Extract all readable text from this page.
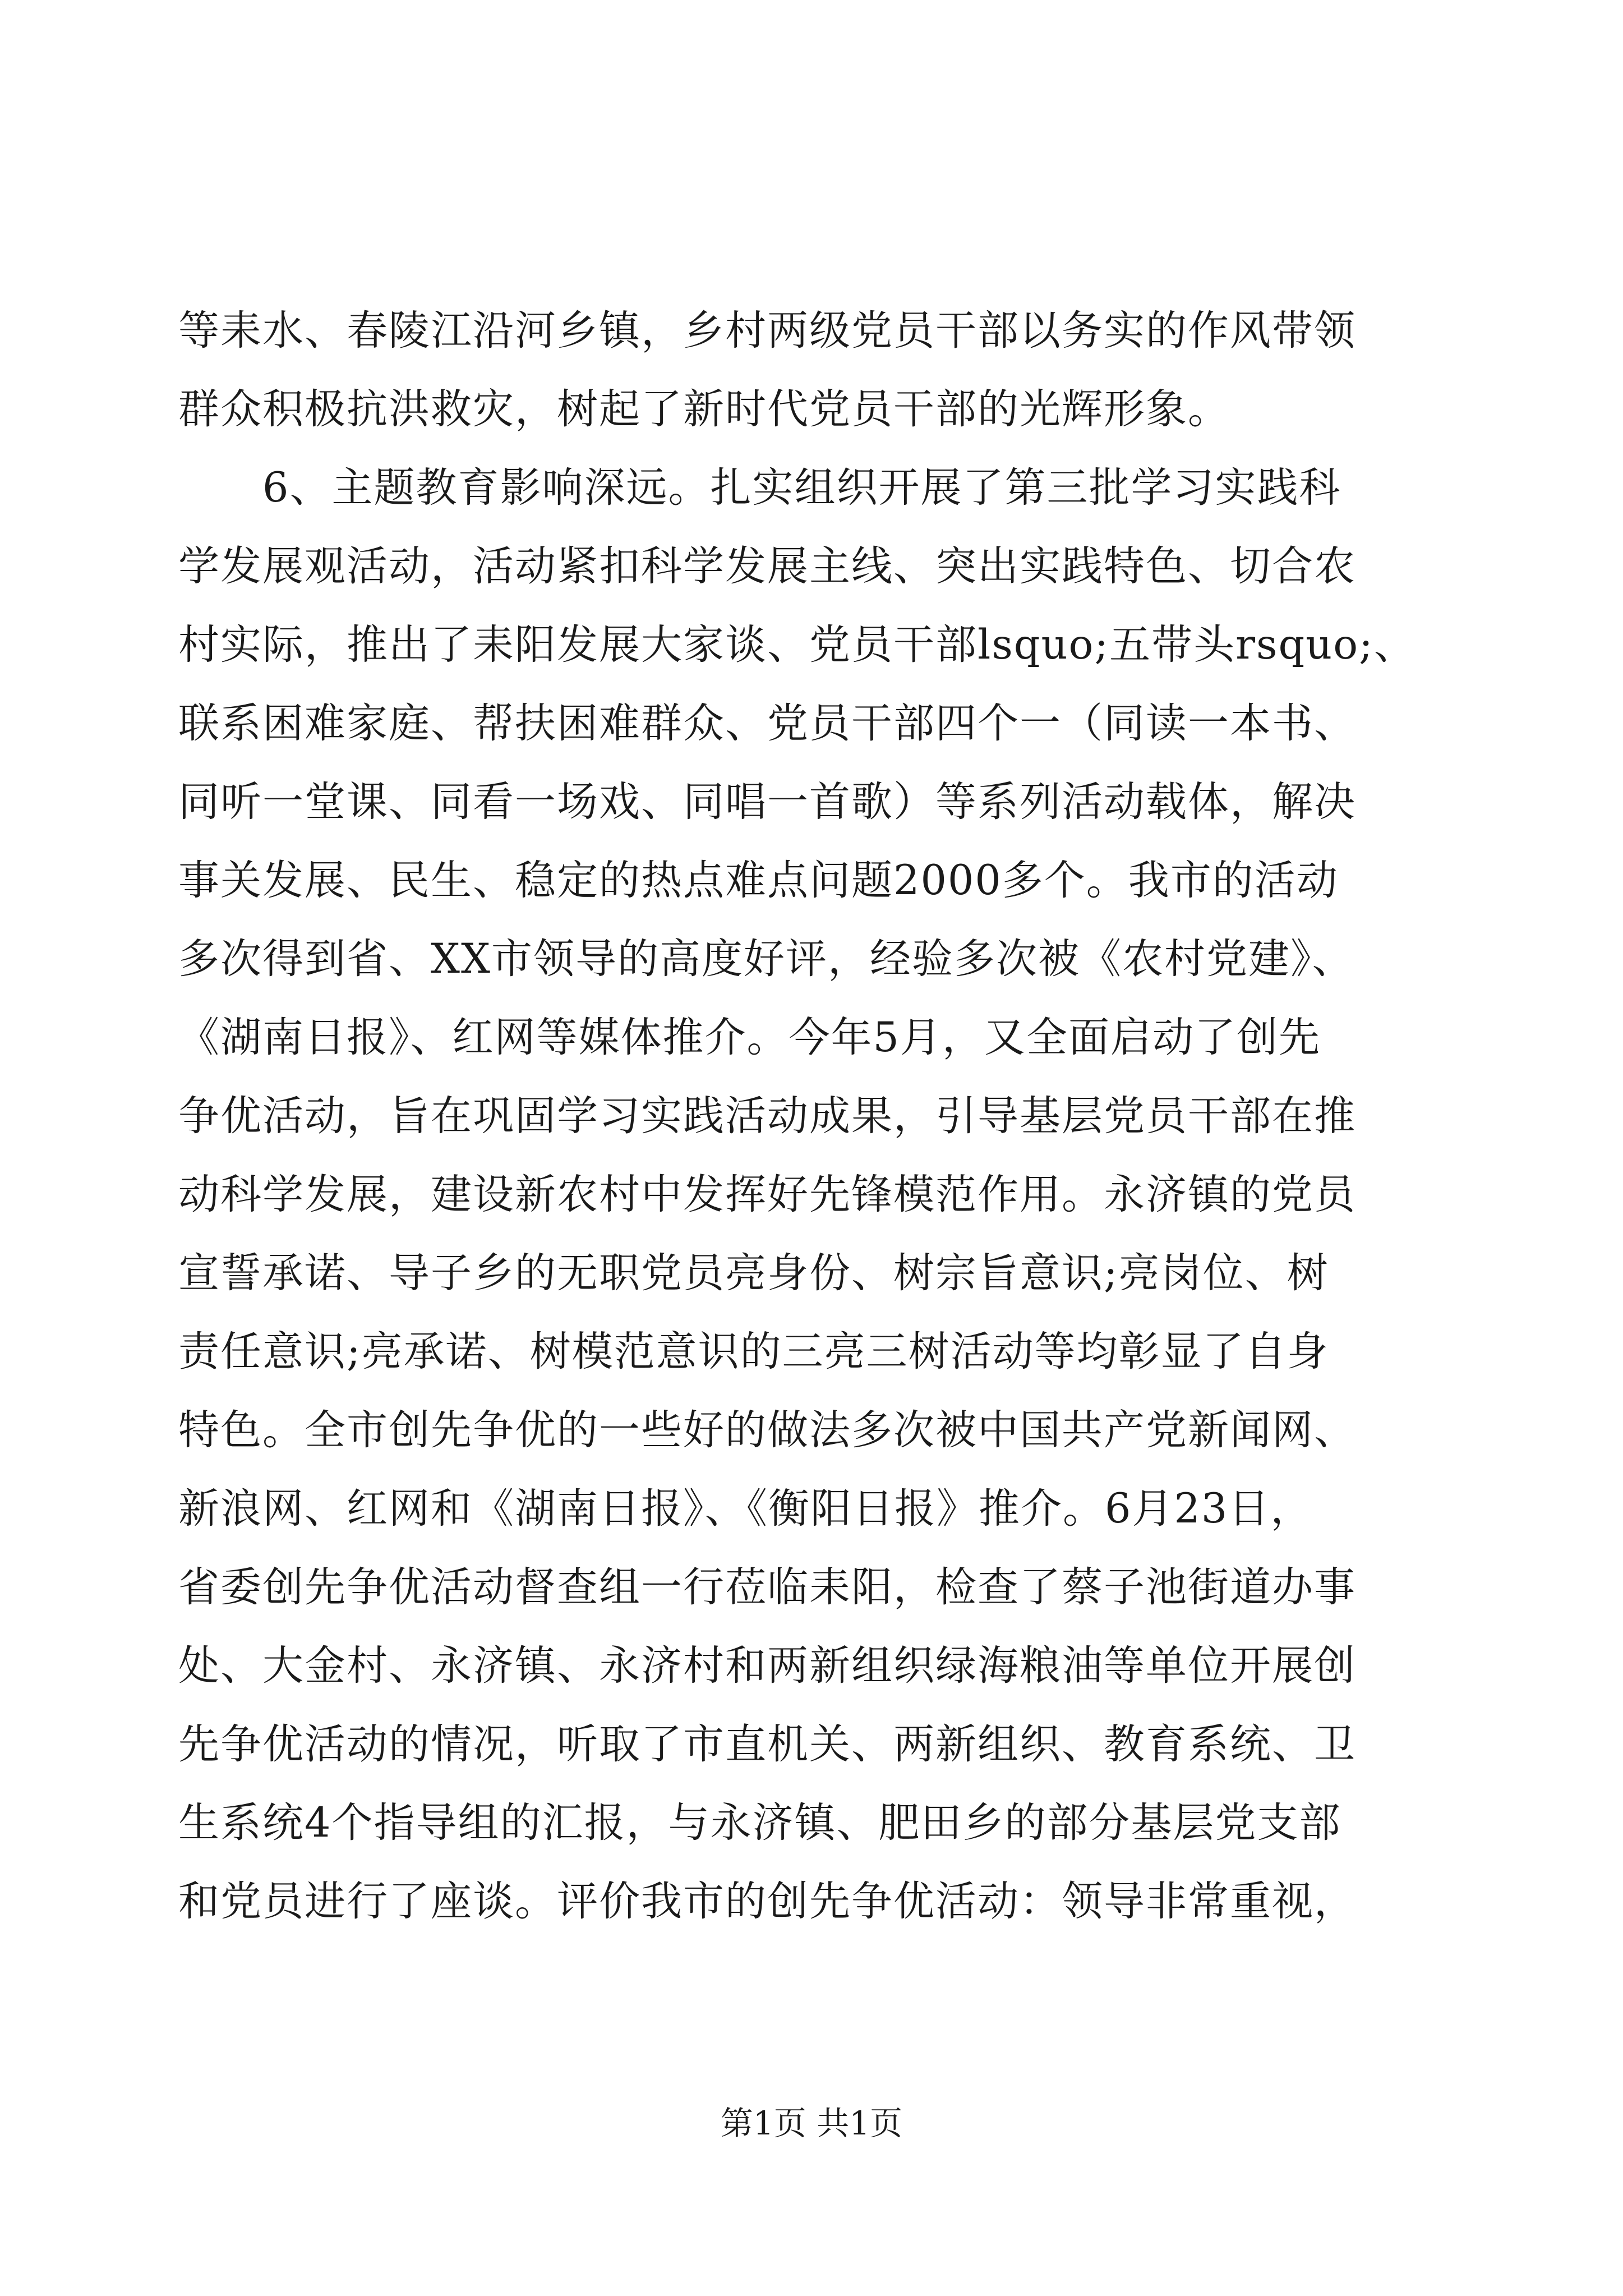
等耒水、春陵江沿河乡镇，乡村两级党员干部以务实的作风带领
群众积极抗洪救灾，树起了新时代党员干部的光辉形象。
6、主题教育影响深远。扎实组织开展了第三批学习实践科
学发展观活动，活动紧扣科学发展主线、突出实践特色、切合农
村实际，推出了耒阳发展大家谈、党员干部lsquo;五带头rsquo;、
联系困难家庭、帮扶困难群众、党员干部四个一（同读一本书、
同听一堂课、同看一场戏、同唱一首歌）等系列活动载体，解决
事关发展、民生、稳定的热点难点问题2000多个。我市的活动
多次得到省、XX市领导的高度好评，经验多次被《农村党建》、
《湖南日报》、红网等媒体推介。今年5月，又全面启动了创先
争优活动，旨在巩固学习实践活动成果，引导基层党员干部在推
动科学发展，建设新农村中发挥好先锋模范作用。永济镇的党员
宣誓承诺、导子乡的无职党员亮身份、树宗旨意识;亮岗位、树
责任意识;亮承诺、树模范意识的三亮三树活动等均彰显了自身
特色。全市创先争优的一些好的做法多次被中国共产党新闻网、
新浪网、红网和《湖南日报》、《衡阳日报》推介。6月23日，
省委创先争优活动督查组一行莅临耒阳，检查了蔡子池街道办事
处、大金村、永济镇、永济村和两新组织绿海粮油等单位开展创
先争优活动的情况，听取了市直机关、两新组织、教育系统、卫
生系统4个指导组的汇报，与永济镇、肥田乡的部分基层党支部
和党员进行了座谈。评价我市的创先争优活动：领导非常重视，
第1页 共1页
